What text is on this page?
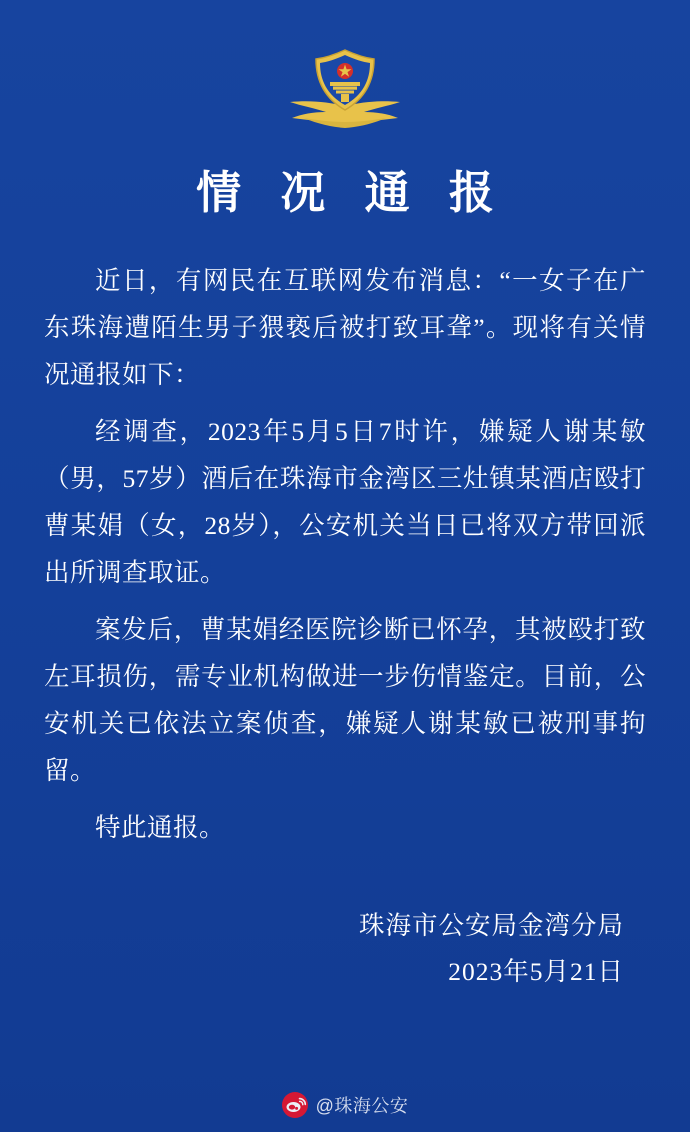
情 况 通 报

近日，有网民在互联网发布消息：“一女子在广东珠海遭陌生男子猥亵后被打致耳聋”。现将有关情况通报如下：

经调查，2023年5月5日7时许，嫌疑人谢某敏（男，57岁）酒后在珠海市金湾区三灶镇某酒店殴打曹某娟（女，28岁），公安机关当日已将双方带回派出所调查取证。

案发后，曹某娟经医院诊断已怀孕，其被殴打致左耳损伤，需专业机构做进一步伤情鉴定。目前，公安机关已依法立案侦查，嫌疑人谢某敏已被刑事拘留。

特此通报。

珠海市公安局金湾分局
2023年5月21日
@珠海公安
